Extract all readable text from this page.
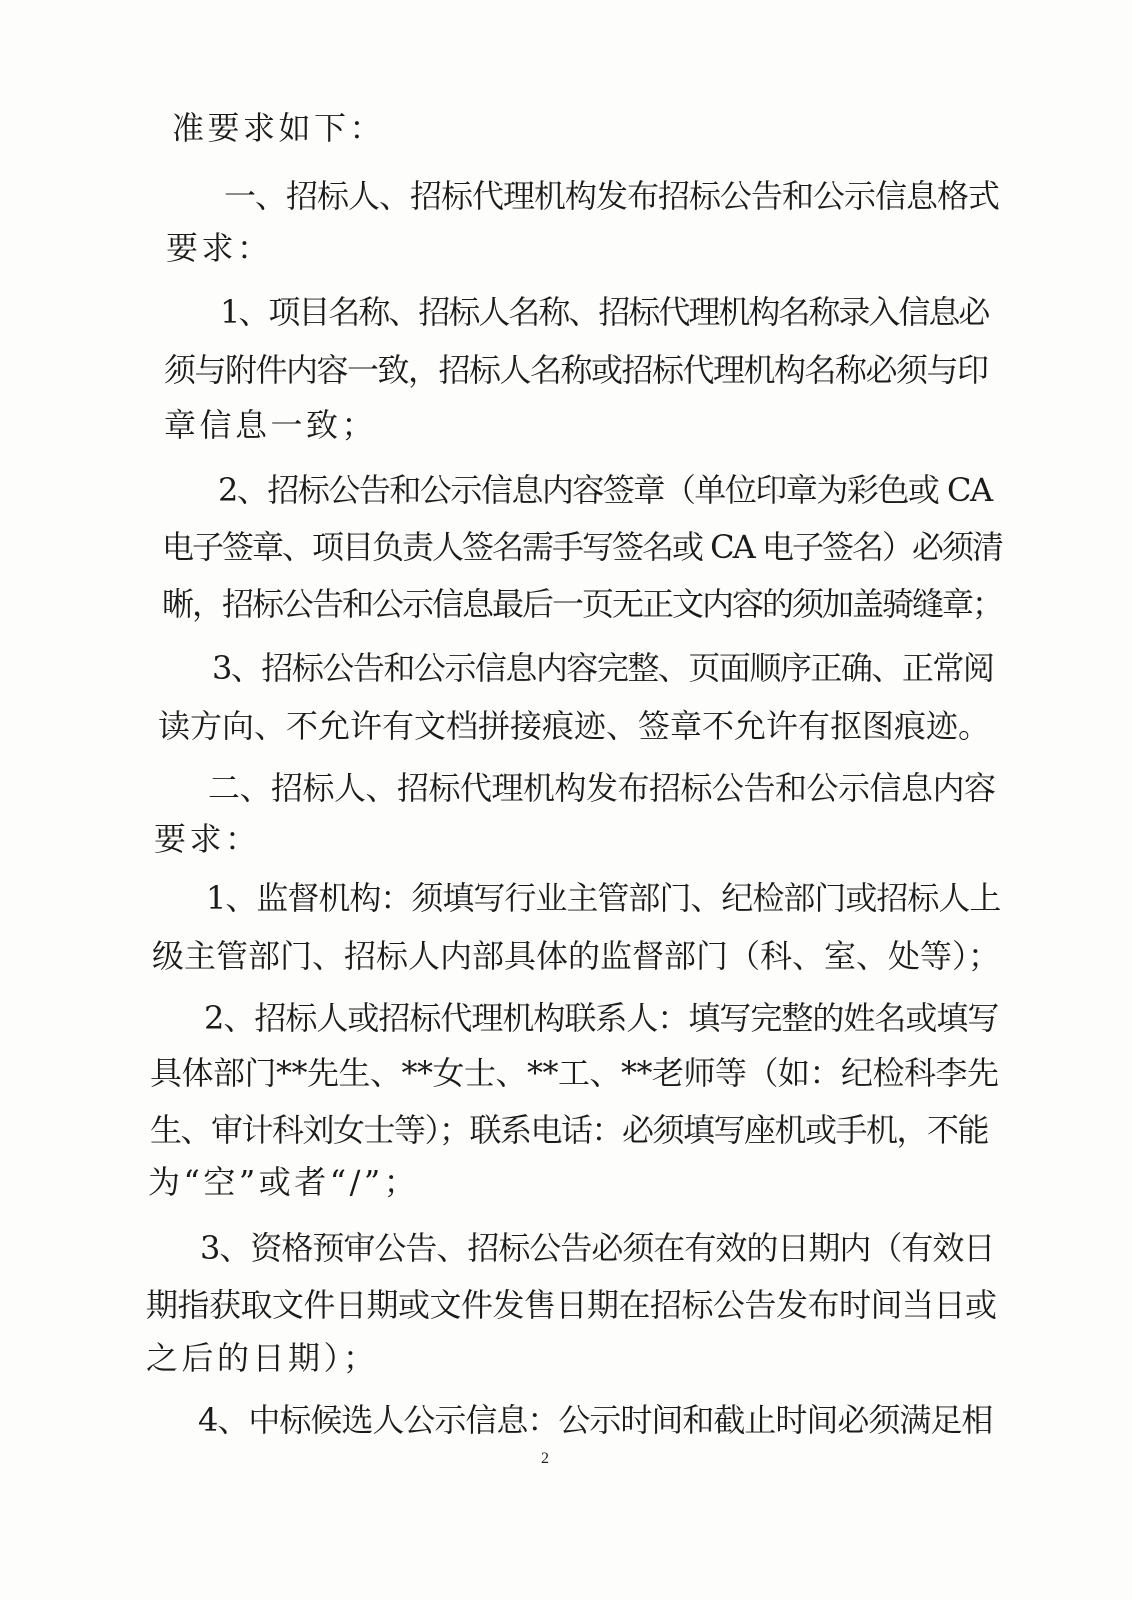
准要求如下：
一、招标人、招标代理机构发布招标公告和公示信息格式
要求：
1、项目名称、招标人名称、招标代理机构名称录入信息必
须与附件内容一致，招标人名称或招标代理机构名称必须与印
章信息一致；
2、招标公告和公示信息内容签章（单位印章为彩色或 CA
电子签章、项目负责人签名需手写签名或 CA 电子签名）必须清
晰，招标公告和公示信息最后一页无正文内容的须加盖骑缝章；
3、招标公告和公示信息内容完整、页面顺序正确、正常阅
读方向、不允许有文档拼接痕迹、签章不允许有抠图痕迹。
二、招标人、招标代理机构发布招标公告和公示信息内容
要求：
1、监督机构：须填写行业主管部门、纪检部门或招标人上
级主管部门、招标人内部具体的监督部门（科、室、处等）；
2、招标人或招标代理机构联系人：填写完整的姓名或填写
具体部门**先生、**女士、**工、**老师等（如：纪检科李先
生、审计科刘女士等）；联系电话：必须填写座机或手机，不能
为“空”或者“/”；
3、资格预审公告、招标公告必须在有效的日期内（有效日
期指获取文件日期或文件发售日期在招标公告发布时间当日或
之后的日期）；
4、中标候选人公示信息：公示时间和截止时间必须满足相
2
